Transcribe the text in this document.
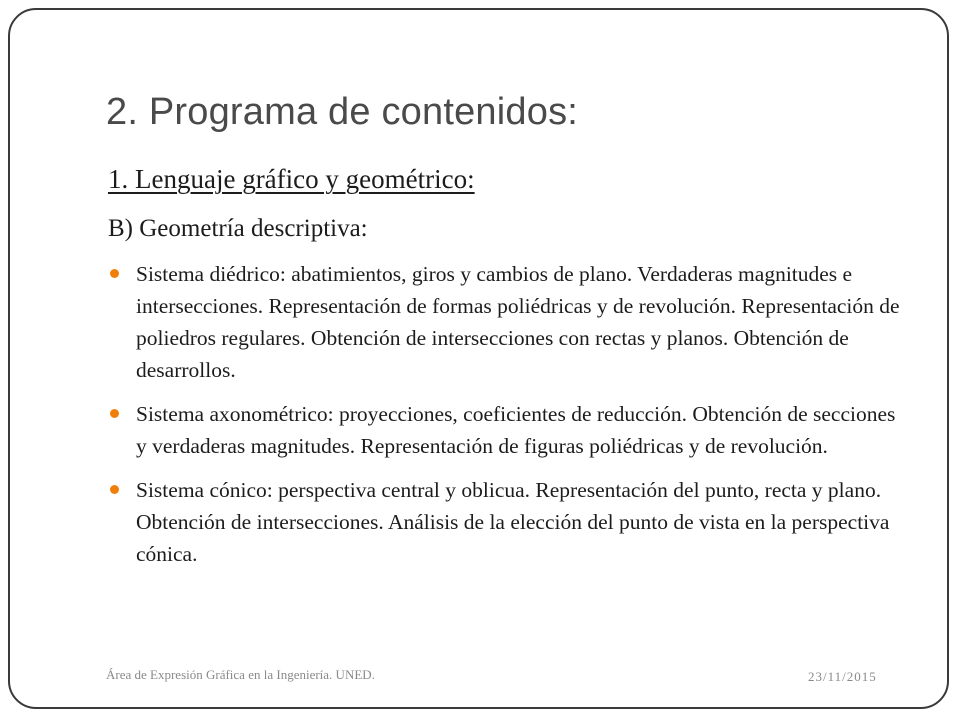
2. Programa de contenidos:
1. Lenguaje gráfico y geométrico:
B) Geometría descriptiva:
Sistema diédrico: abatimientos, giros y cambios de plano. Verdaderas magnitudes e intersecciones. Representación de formas poliédricas y de revolución. Representación de poliedros regulares. Obtención de intersecciones con rectas y planos. Obtención de desarrollos.
Sistema axonométrico: proyecciones, coeficientes de reducción. Obtención de secciones y verdaderas magnitudes. Representación de figuras poliédricas y de revolución.
Sistema cónico: perspectiva central y oblicua. Representación del punto, recta y plano. Obtención de intersecciones. Análisis de la elección del punto de vista en la perspectiva cónica.
Área de Expresión Gráfica en la Ingeniería. UNED.	23/11/2015
